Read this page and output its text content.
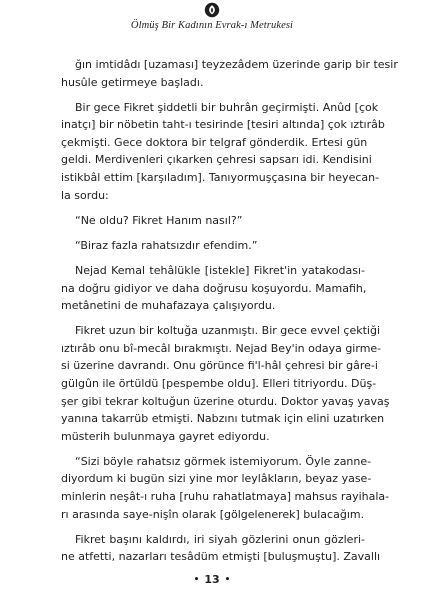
Ölmüş Bir Kadının Evrak-ı Metrukesi
ğın imtidâdı [uzaması] teyzezâdem üzerinde garip bir tesir
husûle getirmeye başladı.
Bir gece Fikret şiddetli bir buhrân geçirmişti. Anûd [çok
inatçı] bir nöbetin taht-ı tesirinde [tesiri altında] çok ıztırâb
çekmişti. Gece doktora bir telgraf gönderdik. Ertesi gün
geldi. Merdivenleri çıkarken çehresi sapsarı idi. Kendisini
istikbâl ettim [karşıladım]. Tanıyormuşçasına bir heyecan-
la sordu:
“Ne oldu? Fikret Hanım nasıl?”
“Biraz fazla rahatsızdır efendim.”
Nejad Kemal tehâlükle [istekle] Fikret'in yatakodası-
na doğru gidiyor ve daha doğrusu koşuyordu. Mamafih,
metânetini de muhafazaya çalışıyordu.
Fikret uzun bir koltuğa uzanmıştı. Bir gece evvel çektiği
ıztırâb onu bî-mecâl bırakmıştı. Nejad Bey'in odaya girme-
si üzerine davrandı. Onu görünce fi'l-hâl çehresi bir gâre-i
gülgûn ile örtüldü [pespembe oldu]. Elleri titriyordu. Düş-
şer gibi tekrar koltuğun üzerine oturdu. Doktor yavaş yavaş
yanına takarrüb etmişti. Nabzını tutmak için elini uzatırken
müsterih bulunmaya gayret ediyordu.
“Sizi böyle rahatsız görmek istemiyorum. Öyle zanne-
diyordum ki bugün sizi yine mor leylâkların, beyaz yase-
minlerin neşât-ı ruha [ruhu rahatlatmaya] mahsus rayihala-
rı arasında saye-nişîn olarak [gölgelenerek] bulacağım.
Fikret başını kaldırdı, iri siyah gözlerini onun gözleri-
ne atfetti, nazarları tesâdüm etmişti [buluşmuştu]. Zavallı
• 13 •
